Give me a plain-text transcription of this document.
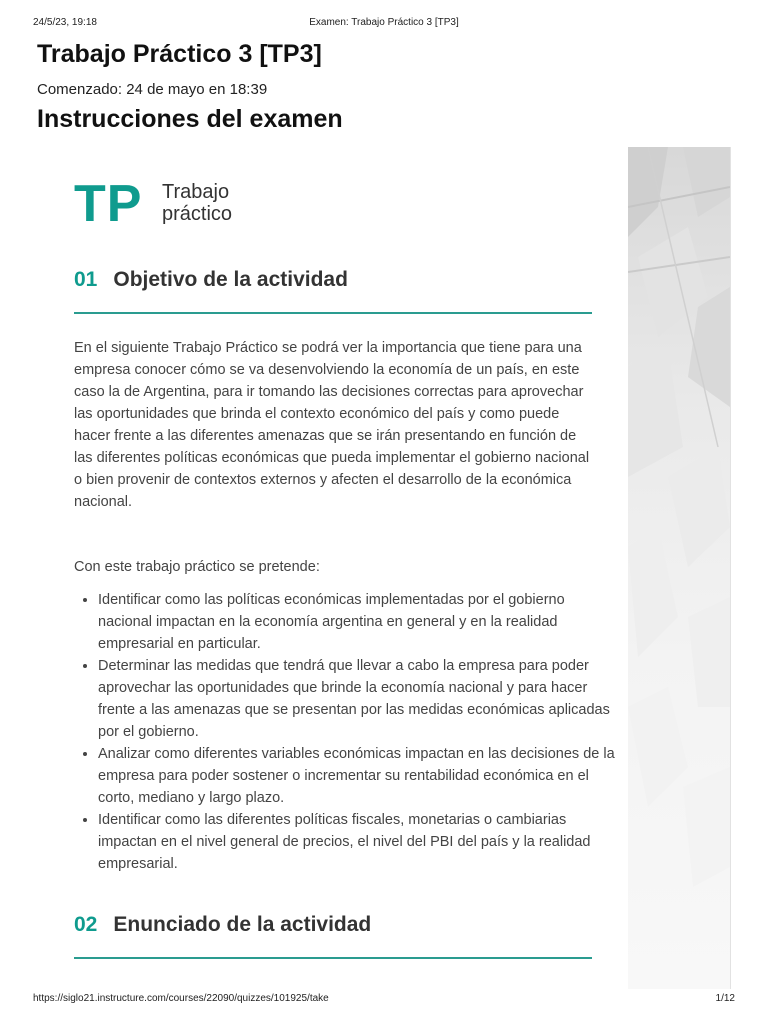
24/5/23, 19:18	Examen: Trabajo Práctico 3 [TP3]
Trabajo Práctico 3 [TP3]
Comenzado: 24 de mayo en 18:39
Instrucciones del examen
TP Trabajo
práctico
01 Objetivo de la actividad

En el siguiente Trabajo Práctico se podrá ver la importancia que tiene para una empresa conocer cómo se va desenvolviendo la economía de un país, en este caso la de Argentina, para ir tomando las decisiones correctas para aprovechar las oportunidades que brinda el contexto económico del país y como puede hacer frente a las diferentes amenazas que se irán presentando en función de las diferentes políticas económicas que pueda implementar el gobierno nacional o bien provenir de contextos externos y afecten el desarrollo de la económica nacional.

Con este trabajo práctico se pretende:

• Identificar como las políticas económicas implementadas por el gobierno nacional impactan en la economía argentina en general y en la realidad empresarial en particular.
• Determinar las medidas que tendrá que llevar a cabo la empresa para poder aprovechar las oportunidades que brinde la economía nacional y para hacer frente a las amenazas que se presentan por las medidas económicas aplicadas por el gobierno.
• Analizar como diferentes variables económicas impactan en las decisiones de la empresa para poder sostener o incrementar su rentabilidad económica en el corto, mediano y largo plazo.
• Identificar como las diferentes políticas fiscales, monetarias o cambiarias impactan en el nivel general de precios, el nivel del PBI del país y la realidad empresarial.
02 Enunciado de la actividad
https://siglo21.instructure.com/courses/22090/quizzes/101925/take	1/12
